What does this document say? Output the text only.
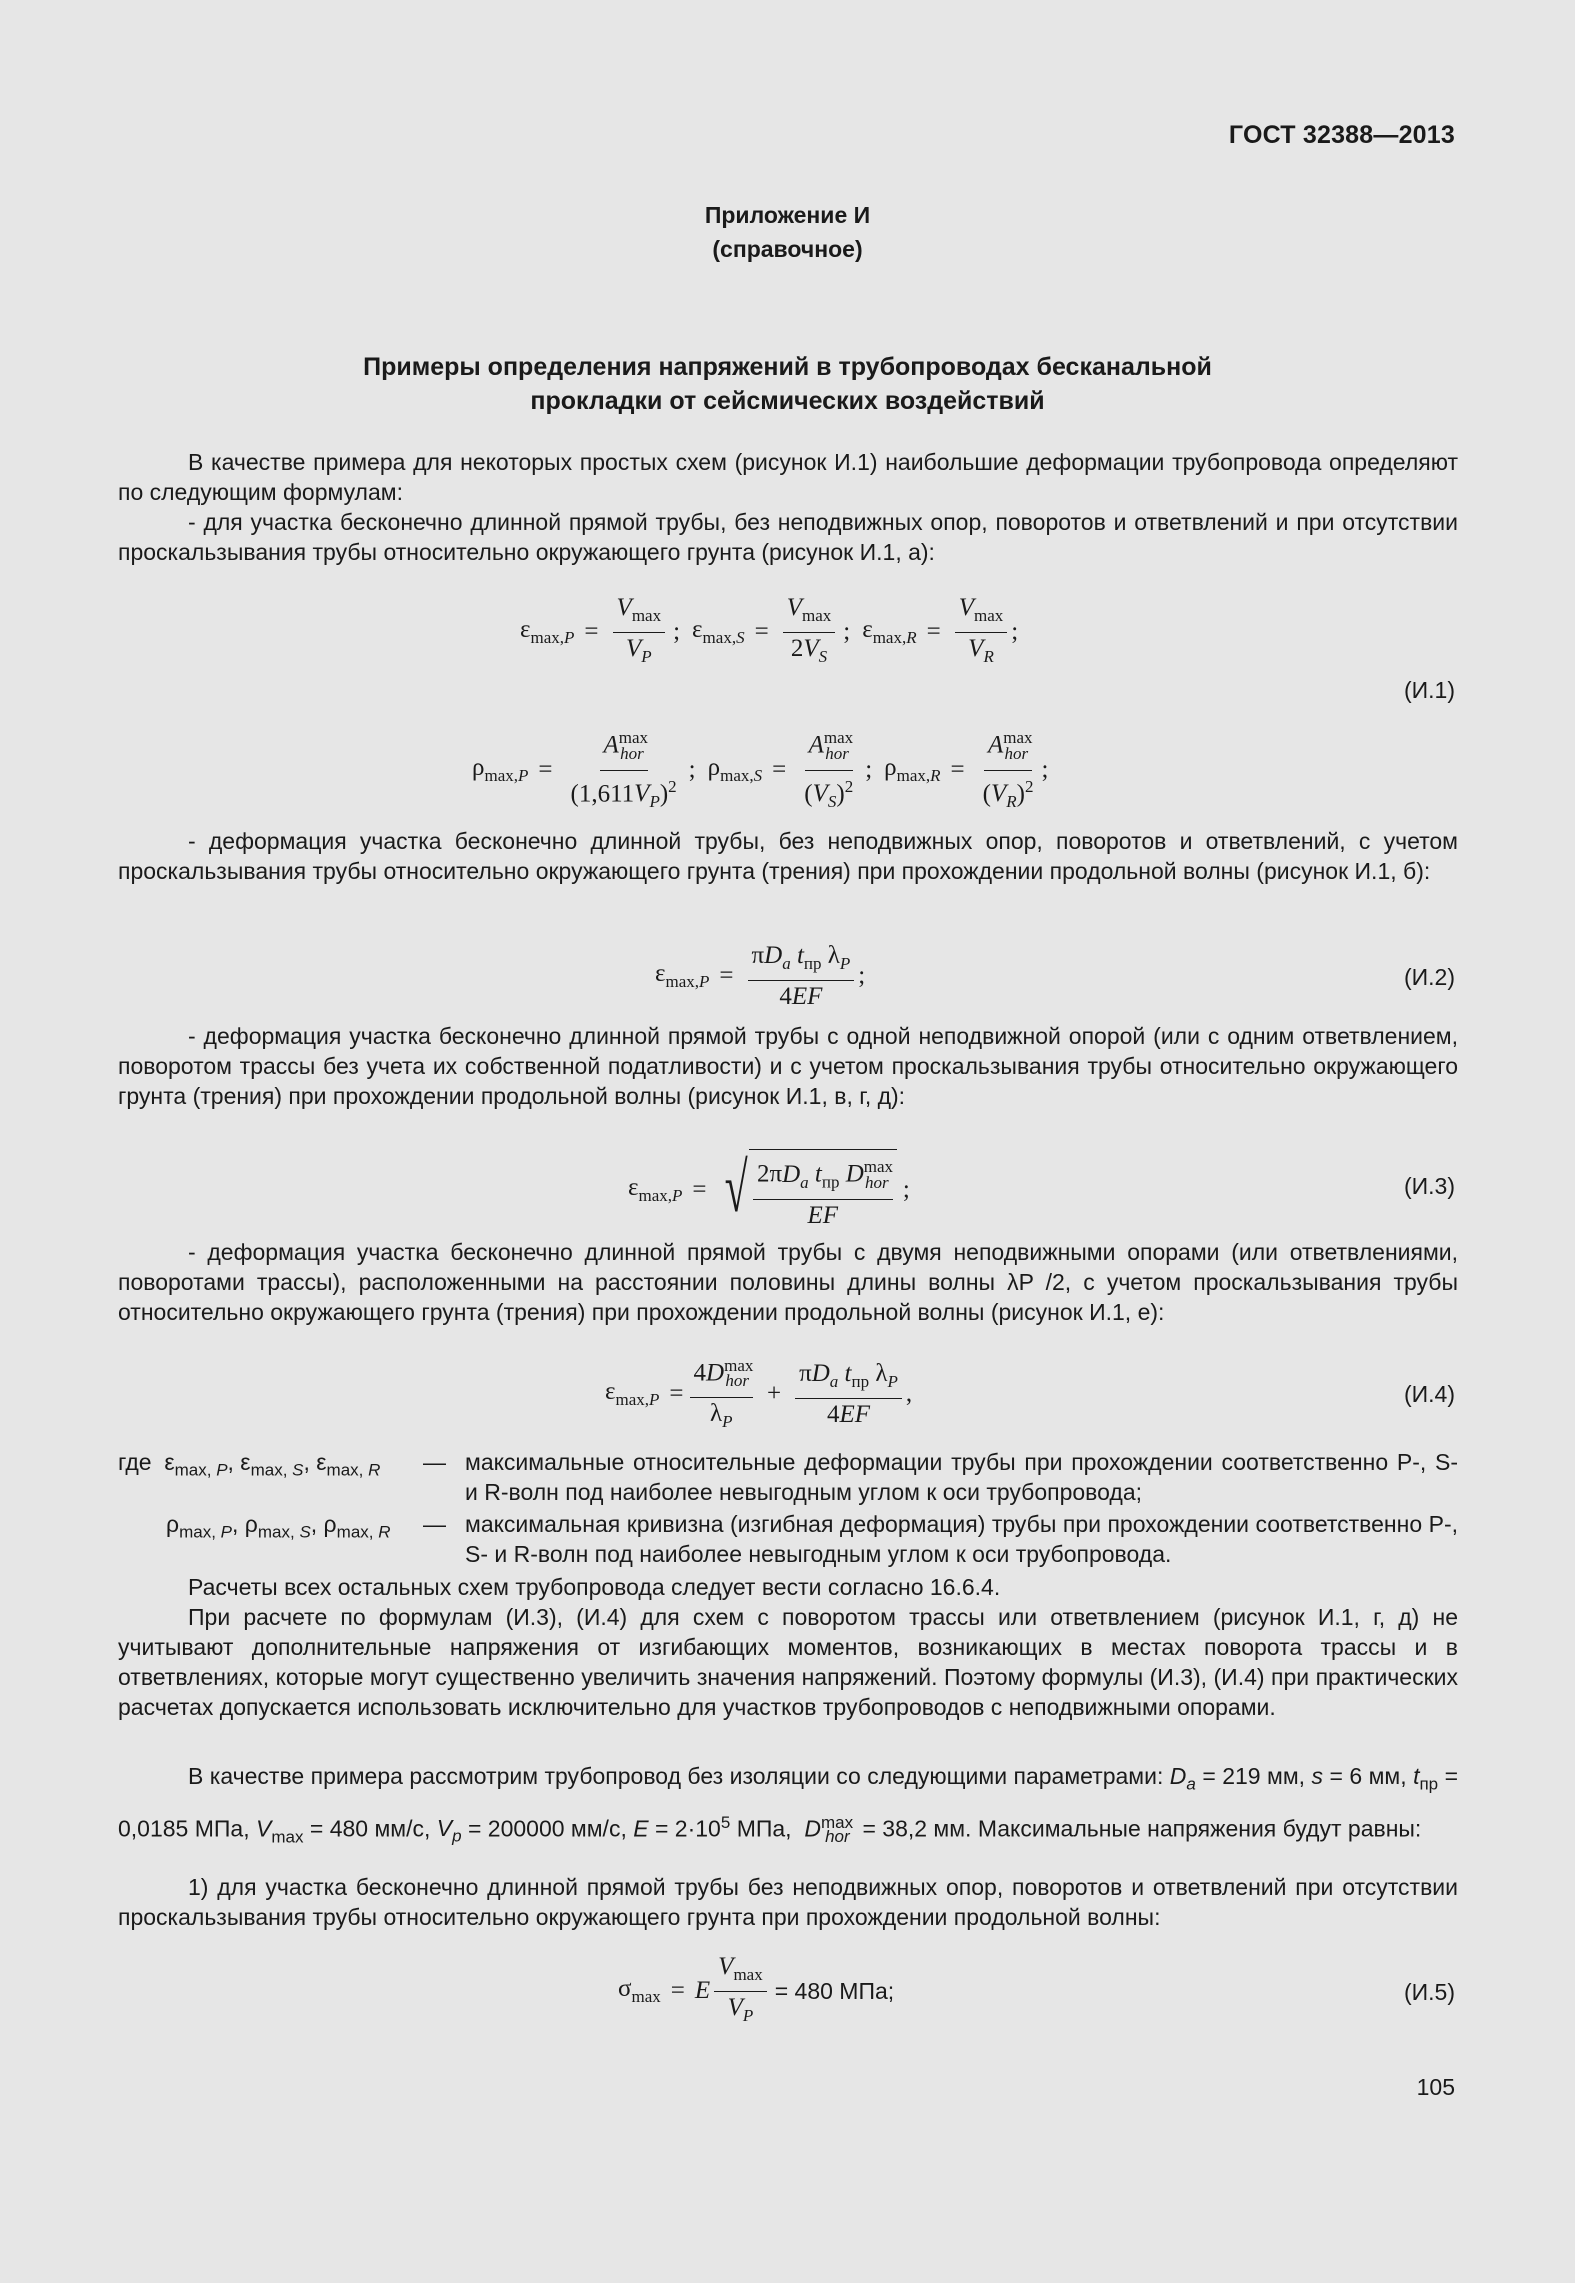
ГОСТ 32388—2013
Приложение И
(справочное)
Примеры определения напряжений в трубопроводах бесканальной
прокладки от сейсмических воздействий
В качестве примера для некоторых простых схем (рисунок И.1) наибольшие деформации трубопровода определяют по следующим формулам:
- для участка бесконечно длинной прямой трубы, без неподвижных опор, поворотов и ответвлений и при отсутствии проскальзывания трубы относительно окружающего грунта (рисунок И.1, а):
$\varepsilon_{max,P} = \frac{V_{max}}{V_P}$ ; $\varepsilon_{max,S} = \frac{V_{max}}{2V_S}$ ; $\varepsilon_{max,R} = \frac{V_{max}}{V_R}$ ;
(И.1)
$\rho_{max,P} = \frac{A^{max}_{hor}}{(1,611V_P)^2}$ ; $\rho_{max,S} = \frac{A^{max}_{hor}}{(V_S)^2}$ ; $\rho_{max,R} = \frac{A^{max}_{hor}}{(V_R)^2}$ ;
- деформация участка бесконечно длинной трубы, без неподвижных опор, поворотов и ответвлений, с учетом проскальзывания трубы относительно окружающего грунта (трения) при прохождении продольной волны (рисунок И.1, б):
$\varepsilon_{max,P} = \frac{\pi D_a t_{пр} \lambda_P}{4EF}$ ;	(И.2)
- деформация участка бесконечно длинной прямой трубы с одной неподвижной опорой (или с одним ответвлением, поворотом трассы без учета их собственной податливости) и с учетом проскальзывания трубы относительно окружающего грунта (трения) при прохождении продольной волны (рисунок И.1, в, г, д):
$\varepsilon_{max,P}$ = √ $\frac{2\pi D_a t_{пр} D^{max}_{hor}}{EF}$ ;	(И.3)
- деформация участка бесконечно длинной прямой трубы с двумя неподвижными опорами (или ответвлениями, поворотами трассы), расположенными на расстоянии половины длины волны λP /2, с учетом проскальзывания трубы относительно окружающего грунта (трения) при прохождении продольной волны (рисунок И.1, е):
$\varepsilon_{max,P} = \frac{4D^{max}_{hor}}{\lambda_P} + \frac{\pi D_a t_{пр} \lambda_P}{4EF}$ ,	(И.4)
где  $\varepsilon_{max, P}$, $\varepsilon_{max, S}$, $\varepsilon_{max, R}$ — максимальные относительные деформации трубы при прохождении соответственно P-, S- и R-волн под наиболее невыгодным углом к оси трубопровода;
$\rho_{max, P}$, $\rho_{max, S}$, $\rho_{max, R}$ — максимальная кривизна (изгибная деформация) трубы при прохождении соответственно P-, S- и R-волн под наиболее невыгодным углом к оси трубопровода.
Расчеты всех остальных схем трубопровода следует вести согласно 16.6.4.
При расчете по формулам (И.3), (И.4) для схем с поворотом трассы или ответвлением (рисунок И.1, г, д) не учитывают дополнительные напряжения от изгибающих моментов, возникающих в местах поворота трассы и в ответвлениях, которые могут существенно увеличить значения напряжений. Поэтому формулы (И.3), (И.4) при практических расчетах допускается использовать исключительно для участков трубопроводов с неподвижными опорами.
В качестве примера рассмотрим трубопровод без изоляции со следующими параметрами: $D_a = 219$ мм, s = 6 мм, $t_{пр} = 0,0185$ МПа, $V_{max} = 480$ мм/с, $V_p = 200000$ мм/с, $E = 2\cdot 10^5$ МПа, $D^{max}_{hor} = 38,2$ мм. Максимальные напряжения будут равны:
1) для участка бесконечно длинной прямой трубы без неподвижных опор, поворотов и ответвлений при отсутствии проскальзывания трубы относительно окружающего грунта при прохождении продольной волны:
$\sigma_{max} = E \frac{V_{max}}{V_P} = 480$ МПа;	(И.5)
105
